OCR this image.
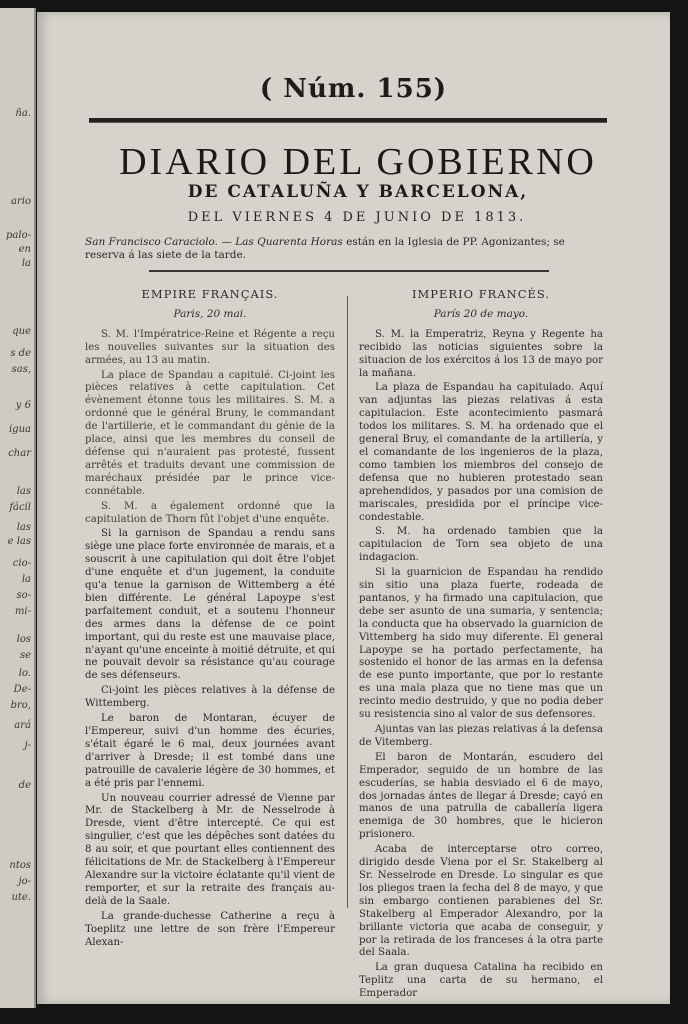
ña.
ario
palo-
en
la
que
s de
sas,
y 6
igua
char
las
fácil
las
e las
cio-
la
so-
mi-
los
se
lo.
De-
bro,
ará
j-
de
ntos
jo-
ute.
( Núm. 155)
DIARIO DEL GOBIERNO
DE CATALUÑA Y BARCELONA,
DEL VIERNES 4 DE JUNIO DE 1813.
San Francisco Caraciolo. — Las Quarenta Horas están en la Iglesia de PP. Agonizantes; se reserva á las siete de la tarde.
EMPIRE FRANÇAIS.
Paris, 20 mai.

S. M. l'Impératrice-Reine et Régente a reçu les nouvelles suivantes sur la situation des armées, au 13 au matin.

La place de Spandau a capitulé. Ci-joint les pièces relatives à cette capitulation. Cet évènement étonne tous les militaires. S. M. a ordonné que le général Bruny, le commandant de l'artillerie, et le commandant du génie de la place, ainsi que les membres du conseil de défense qui n'auraient pas protesté, fussent arrêtés et traduits devant une commission de maréchaux présidée par le prince vice-connétable.

S. M. a également ordonné que la capitulation de Thorn fût l'objet d'une enquête.

Si la garnison de Spandau a rendu sans siège une place forte environnée de marais, et a souscrit à une capitulation qui doit être l'objet d'une enquête et d'un jugement, la conduite qu'a tenue la garnison de Wittemberg a été bien différente. Le général Lapoype s'est parfaitement conduit, et a soutenu l'honneur des armes dans la défense de ce point important, qui du reste est une mauvaise place, n'ayant qu'une enceinte à moitié détruite, et qui ne pouvait devoir sa résistance qu'au courage de ses défenseurs.

Ci-joint les pièces relatives à la défense de Wittemberg.

Le baron de Montaran, écuyer de l'Empereur, suivi d'un homme des écuries, s'était égaré le 6 mai, deux journées avant d'arriver à Dresde; il est tombé dans une patrouille de cavalerie légère de 30 hommes, et a été pris par l'ennemi.

Un nouveau courrier adressé de Vienne par Mr. de Stackelberg à Mr. de Nesselrode à Dresde, vient d'être intercepté. Ce qui est singulier, c'est que les dépêches sont datées du 8 au soir, et que pourtant elles contiennent des félicitations de Mr. de Stackelberg à l'Empereur Alexandre sur la victoire éclatante qu'il vient de remporter, et sur la retraite des français au-delà de la Saale.

La grande-duchesse Catherine a reçu à Toeplitz une lettre de son frère l'Empereur Alexan-

IMPERIO FRANCÉS.
París 20 de mayo.

S. M. la Emperatriz, Reyna y Regente ha recibido las noticias siguientes sobre la situacion de los exércitos á los 13 de mayo por la mañana.

La plaza de Espandau ha capitulado. Aquí van adjuntas las piezas relativas á esta capitulacion. Este acontecimiento pasmará todos los militares. S. M. ha ordenado que el general Bruy, el comandante de la artillería, y el comandante de los ingenieros de la plaza, como tambien los miembros del consejo de defensa que no hubieren protestado sean aprehendidos, y pasados por una comision de mariscales, presidida por el príncipe vice-condestable.

S. M. ha ordenado tambien que la capitulacion de Torn sea objeto de una indagacion.

Si la guarnicion de Espandau ha rendido sin sitio una plaza fuerte, rodeada de pantanos, y ha firmado una capitulacion, que debe ser asunto de una sumaria, y sentencia; la conducta que ha observado la guarnicion de Vittemberg ha sido muy diferente. El general Lapoype se ha portado perfectamente, ha sostenido el honor de las armas en la defensa de ese punto importante, que por lo restante es una mala plaza que no tiene mas que un recinto medio destruido, y que no podia deber su resistencia sino al valor de sus defensores.

Ajuntas van las piezas relativas á la defensa de Vitemberg.

El baron de Montarán, escudero del Emperador, seguido de un hombre de las escuderías, se habia desviado el 6 de mayo, dos jornadas ántes de llegar á Dresde; cayó en manos de una patrulla de caballería ligera enemiga de 30 hombres, que le hicieron prisionero.

Acaba de interceptarse otro correo, dirigido desde Viena por el Sr. Stakelberg al Sr. Nesselrode en Dresde. Lo singular es que los pliegos traen la fecha del 8 de mayo, y que sin embargo contienen parabienes del Sr. Stakelberg al Emperador Alexandro, por la brillante victoria que acaba de conseguir, y por la retirada de los franceses á la otra parte del Saala.

La gran duquesa Catalina ha recibido en Teplitz una carta de su hermano, el Emperador
